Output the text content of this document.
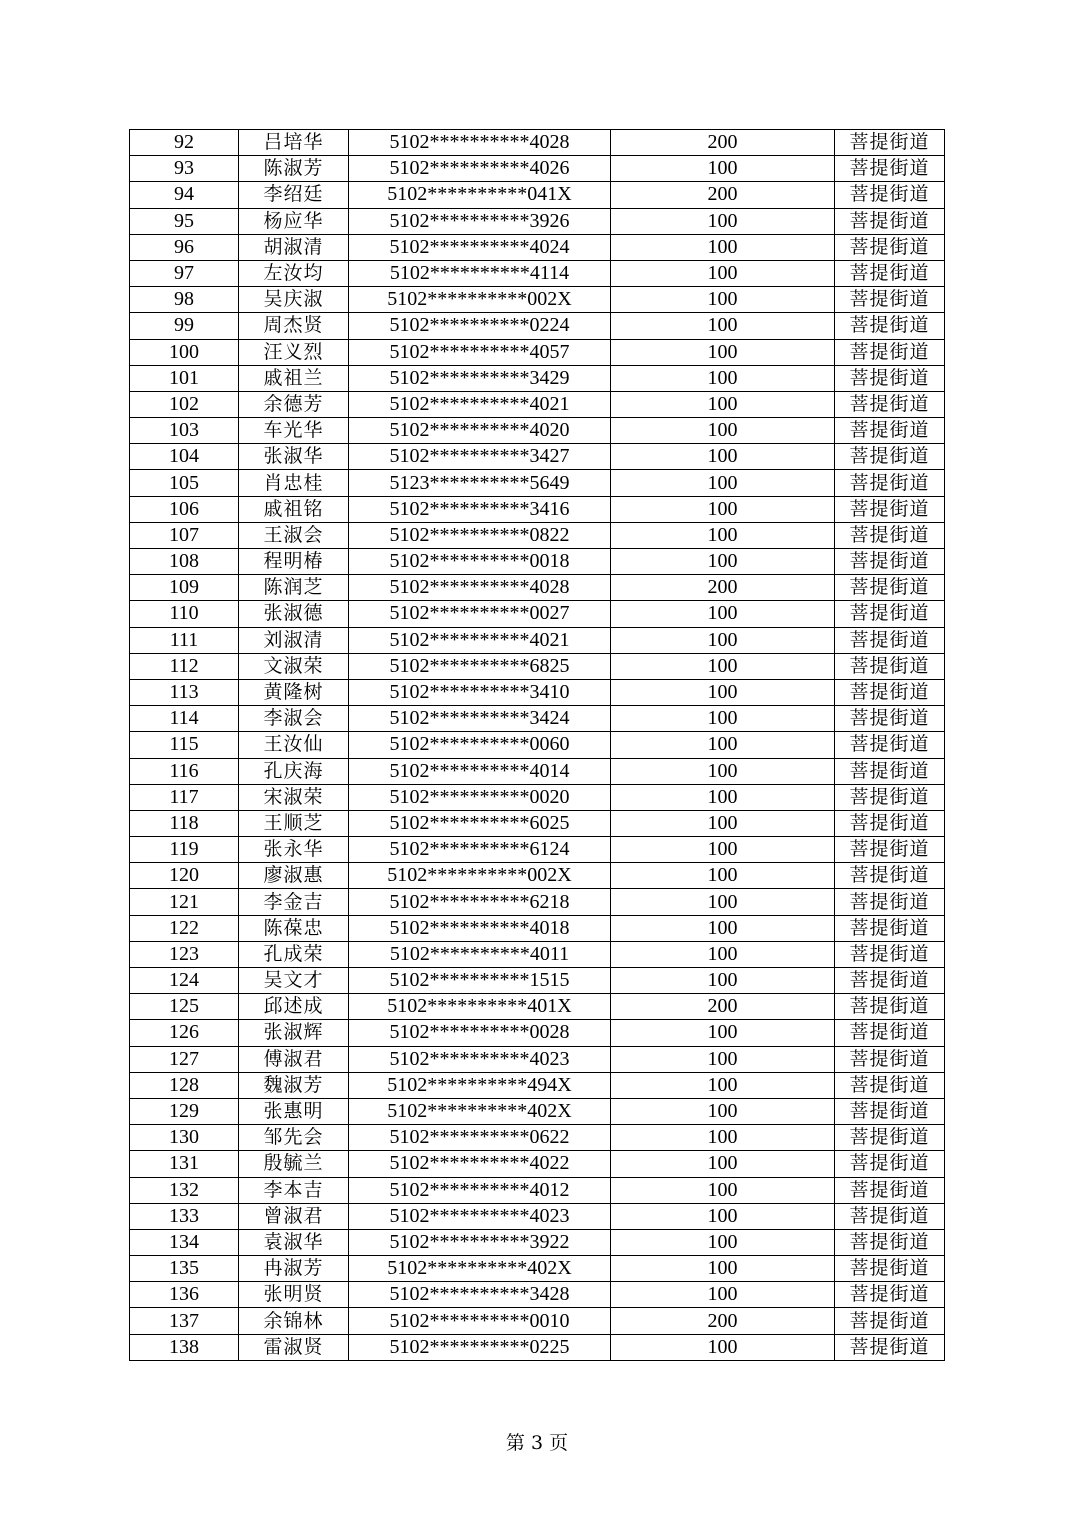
92	吕培华	5102**********4028	200	菩提街道
93	陈淑芳	5102**********4026	100	菩提街道
94	李绍廷	5102**********041X	200	菩提街道
95	杨应华	5102**********3926	100	菩提街道
96	胡淑清	5102**********4024	100	菩提街道
97	左汝均	5102**********4114	100	菩提街道
98	吴庆淑	5102**********002X	100	菩提街道
99	周杰贤	5102**********0224	100	菩提街道
100	汪义烈	5102**********4057	100	菩提街道
101	戚祖兰	5102**********3429	100	菩提街道
102	余德芳	5102**********4021	100	菩提街道
103	车光华	5102**********4020	100	菩提街道
104	张淑华	5102**********3427	100	菩提街道
105	肖忠桂	5123**********5649	100	菩提街道
106	戚祖铭	5102**********3416	100	菩提街道
107	王淑会	5102**********0822	100	菩提街道
108	程明椿	5102**********0018	100	菩提街道
109	陈润芝	5102**********4028	200	菩提街道
110	张淑德	5102**********0027	100	菩提街道
111	刘淑清	5102**********4021	100	菩提街道
112	文淑荣	5102**********6825	100	菩提街道
113	黄隆树	5102**********3410	100	菩提街道
114	李淑会	5102**********3424	100	菩提街道
115	王汝仙	5102**********0060	100	菩提街道
116	孔庆海	5102**********4014	100	菩提街道
117	宋淑荣	5102**********0020	100	菩提街道
118	王顺芝	5102**********6025	100	菩提街道
119	张永华	5102**********6124	100	菩提街道
120	廖淑惠	5102**********002X	100	菩提街道
121	李金吉	5102**********6218	100	菩提街道
122	陈葆忠	5102**********4018	100	菩提街道
123	孔成荣	5102**********4011	100	菩提街道
124	吴文才	5102**********1515	100	菩提街道
125	邱述成	5102**********401X	200	菩提街道
126	张淑辉	5102**********0028	100	菩提街道
127	傅淑君	5102**********4023	100	菩提街道
128	魏淑芳	5102**********494X	100	菩提街道
129	张惠明	5102**********402X	100	菩提街道
130	邹先会	5102**********0622	100	菩提街道
131	殷毓兰	5102**********4022	100	菩提街道
132	李本吉	5102**********4012	100	菩提街道
133	曾淑君	5102**********4023	100	菩提街道
134	袁淑华	5102**********3922	100	菩提街道
135	冉淑芳	5102**********402X	100	菩提街道
136	张明贤	5102**********3428	100	菩提街道
137	余锦林	5102**********0010	200	菩提街道
138	雷淑贤	5102**********0225	100	菩提街道
第 3 页
